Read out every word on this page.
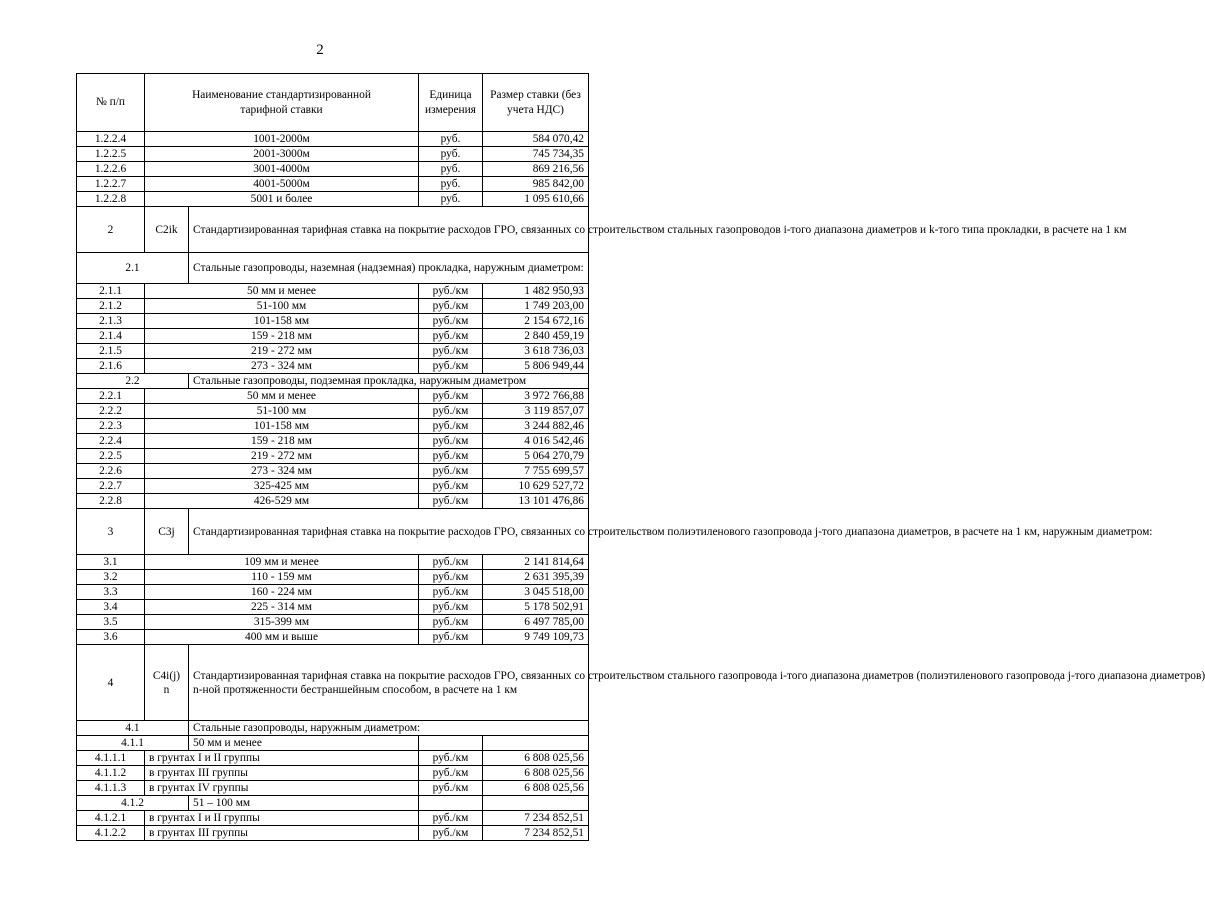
2
№ п/п	Наименование стандартизированной тарифной ставки		Единица измерения	Размер ставки (без учета НДС)
1.2.2.4	1001-2000м		руб.	584 070,42
1.2.2.5	2001-3000м		руб.	745 734,35
1.2.2.6	3001-4000м		руб.	869 216,56
1.2.2.7	4001-5000м		руб.	985 842,00
1.2.2.8	5001 и более		руб.	1 095 610,66
2	C2ik	Стандартизированная тарифная ставка на покрытие расходов ГРО, связанных со строительством стальных газопроводов i-того диапазона диаметров и k-того типа прокладки, в расчете на 1 км		
2.1		Стальные газопроводы, наземная (надземная) прокладка, наружным диаметром:		
2.1.1	50 мм и менее		руб./км	1 482 950,93
2.1.2	51-100 мм		руб./км	1 749 203,00
2.1.3	101-158 мм		руб./км	2 154 672,16
2.1.4	159 - 218 мм		руб./км	2 840 459,19
2.1.5	219 - 272 мм		руб./км	3 618 736,03
2.1.6	273 - 324 мм		руб./км	5 806 949,44
2.2		Стальные газопроводы, подземная прокладка, наружным диаметром		
2.2.1	50 мм и менее		руб./км	3 972 766,88
2.2.2	51-100 мм		руб./км	3 119 857,07
2.2.3	101-158 мм		руб./км	3 244 882,46
2.2.4	159 - 218 мм		руб./км	4 016 542,46
2.2.5	219 - 272 мм		руб./км	5 064 270,79
2.2.6	273 - 324 мм		руб./км	7 755 699,57
2.2.7	325-425 мм		руб./км	10 629 527,72
2.2.8	426-529 мм		руб./км	13 101 476,86
3	C3j	Стандартизированная тарифная ставка на покрытие расходов ГРО, связанных со строительством полиэтиленового газопровода j-того диапазона диаметров, в расчете на 1 км, наружным диаметром:		
3.1	109 мм и менее		руб./км	2 141 814,64
3.2	110 - 159 мм		руб./км	2 631 395,39
3.3	160 - 224 мм		руб./км	3 045 518,00
3.4	225 - 314 мм		руб./км	5 178 502,91
3.5	315-399 мм		руб./км	6 497 785,00
3.6	400 мм и выше		руб./км	9 749 109,73
4	C4i(j) n	Стандартизированная тарифная ставка на покрытие расходов ГРО, связанных со строительством стального газопровода i-того диапазона диаметров (полиэтиленового газопровода j-того диапазона диаметров)
n-ной протяженности бестраншейным способом, в расчете на 1 км		
4.1		Стальные газопроводы, наружным диаметром:		
4.1.1		50 мм и менее		
4.1.1.1	в грунтах I и II группы		руб./км	6 808 025,56
4.1.1.2	в грунтах III группы		руб./км	6 808 025,56
4.1.1.3	в грунтах IV группы		руб./км	6 808 025,56
4.1.2		51 – 100 мм		
4.1.2.1	в грунтах I и II группы		руб./км	7 234 852,51
4.1.2.2	в грунтах III группы		руб./км	7 234 852,51
